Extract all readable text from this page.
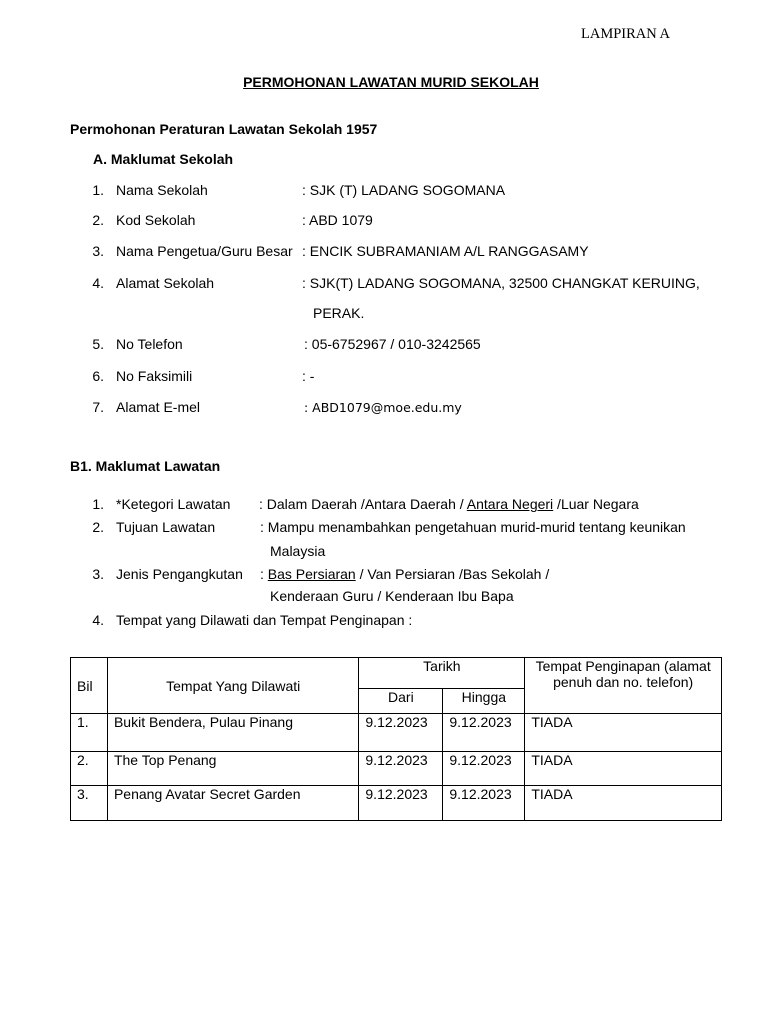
LAMPIRAN A
PERMOHONAN LAWATAN MURID SEKOLAH
Permohonan Peraturan Lawatan Sekolah 1957
A. Maklumat Sekolah
1. Nama Sekolah	: SJK (T) LADANG SOGOMANA
2. Kod Sekolah	: ABD 1079
3. Nama Pengetua/Guru Besar : ENCIK SUBRAMANIAM A/L RANGGASAMY
4. Alamat Sekolah	: SJK(T) LADANG SOGOMANA, 32500 CHANGKAT KERUING,
PERAK.
5. No Telefon	: 05-6752967 / 010-3242565
6. No Faksimili	: -
7. Alamat E-mel	: ABD1079@moe.edu.my
B1. Maklumat Lawatan
1. *Ketegori Lawatan : Dalam Daerah /Antara Daerah / Antara Negeri /Luar Negara
2. Tujuan Lawatan	: Mampu menambahkan pengetahuan murid-murid tentang keunikan
Malaysia
3. Jenis Pengangkutan : Bas Persiaran / Van Persiaran /Bas Sekolah /
Kenderaan Guru / Kenderaan Ibu Bapa
4. Tempat yang Dilawati dan Tempat Penginapan :
Bil	Tempat Yang Dilawati	Tarikh		Tempat Penginapan (alamat penuh dan no. telefon)
		Dari	Hingga	
1.	Bukit Bendera, Pulau Pinang	9.12.2023	9.12.2023	TIADA
2.	The Top Penang	9.12.2023	9.12.2023	TIADA
3.	Penang Avatar Secret Garden	9.12.2023	9.12.2023	TIADA
